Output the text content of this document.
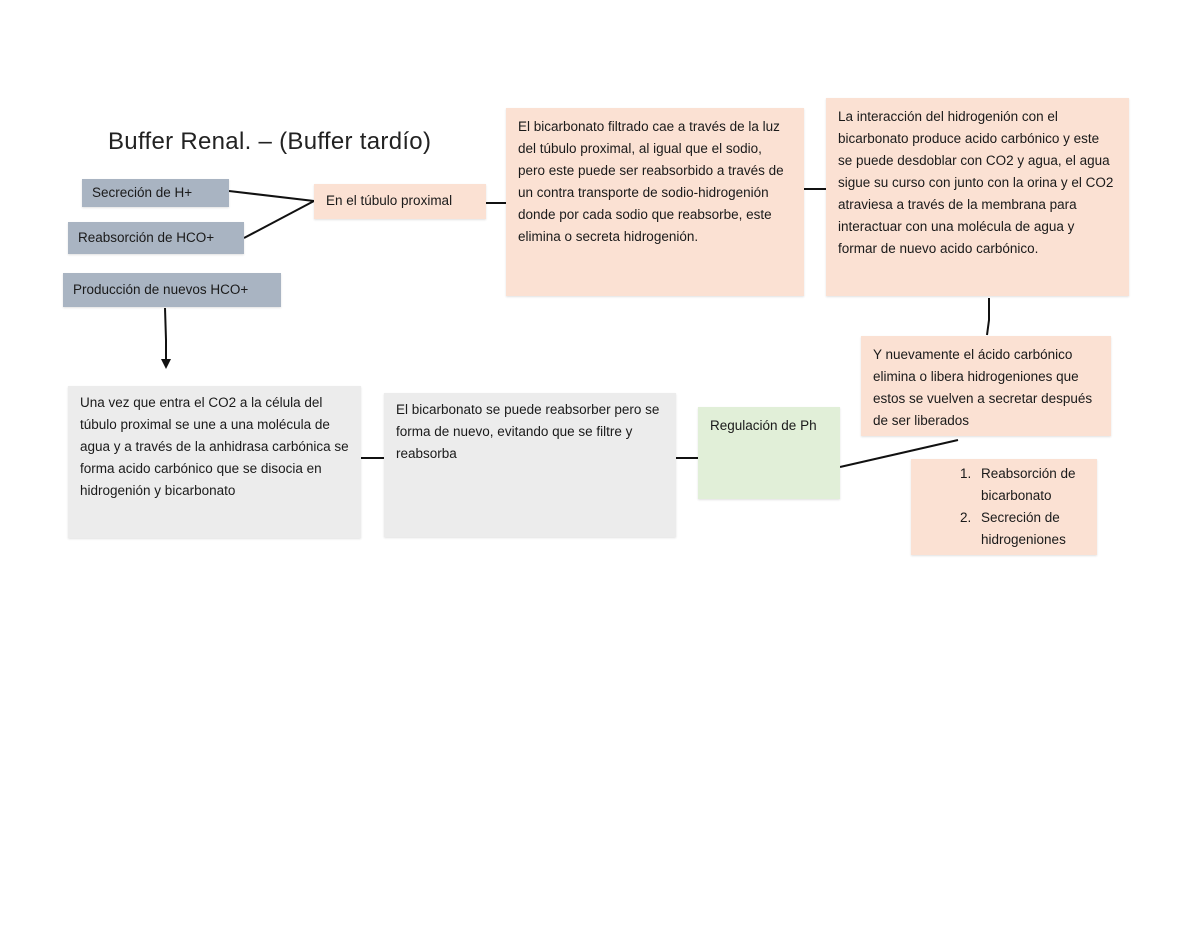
Buffer Renal. – (Buffer tardío)
Secreción de H+
Reabsorción de HCO+
Producción de nuevos HCO+
En el túbulo proximal
El bicarbonato filtrado cae a través de la luz del túbulo proximal, al igual que el sodio, pero este puede ser reabsorbido a través de un contra transporte de sodio-hidrogenión donde por cada sodio que reabsorbe, este elimina o secreta hidrogenión.
La interacción del hidrogenión con el bicarbonato produce acido carbónico y este se puede desdoblar con CO2 y agua, el agua sigue su curso con junto con la orina y el CO2 atraviesa a través de la membrana para interactuar con una molécula de agua y formar de nuevo acido carbónico.
Y nuevamente el ácido carbónico elimina o libera hidrogeniones que estos se vuelven a secretar después de ser liberados
1. Reabsorción de bicarbonato
2. Secreción de hidrogeniones
Una vez que entra el CO2 a la célula del túbulo proximal se une a una molécula de agua y a través de la anhidrasa carbónica se forma acido carbónico que se disocia en hidrogenión y bicarbonato
El bicarbonato se puede reabsorber pero se forma de nuevo, evitando que se filtre y reabsorba
Regulación de Ph
